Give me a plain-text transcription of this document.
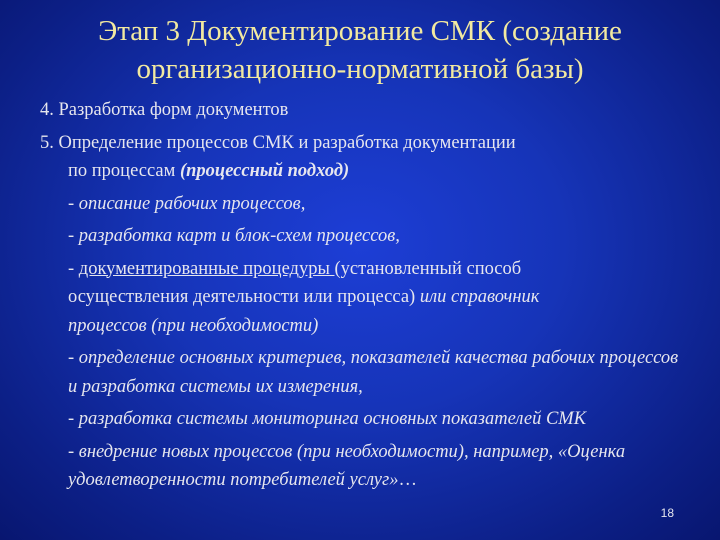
Этап 3 Документирование СМК (создание
организационно-нормативной базы)
4. Разработка форм документов
5. Определение процессов СМК и разработка документации
по процессам (процессный подход)
- описание рабочих процессов,
- разработка карт и блок-схем процессов,
- документированные процедуры (установленный способ
осуществления деятельности или процесса) или справочник
процессов (при необходимости)
- определение основных критериев, показателей качества рабочих процессов
и разработка системы их измерения,
- разработка системы мониторинга основных показателей СМК
- внедрение новых процессов (при необходимости), например, «Оценка
удовлетворенности потребителей услуг»…
18
